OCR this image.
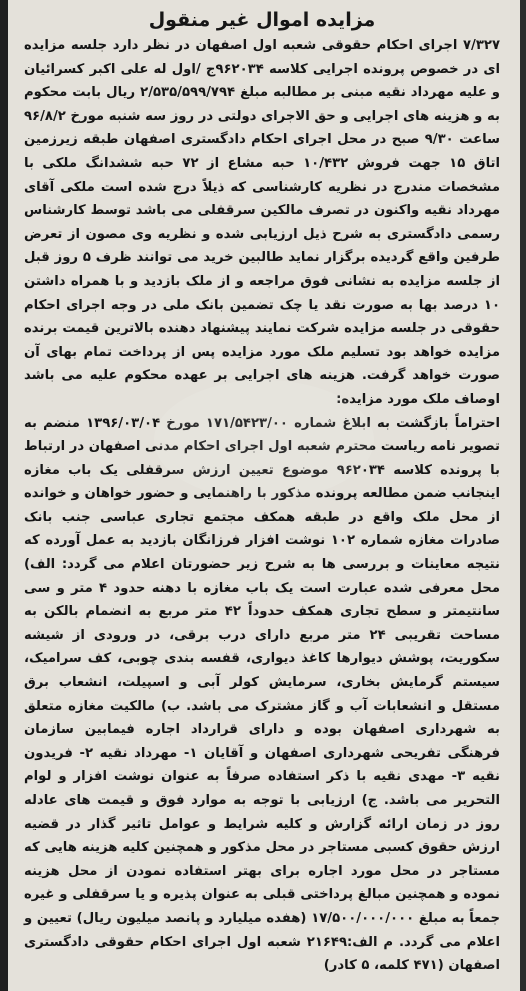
مزایده اموال غیر منقول

۷/۳۲۷ اجرای احکام حقوقی شعبه اول اصفهان در نظر دارد جلسه مزایده ای در خصوص پرونده اجرایی کلاسه ۹۶۲۰۳۴ج /اول له علی اکبر کسرائیان و علیه مهرداد نقیه مبنی بر مطالبه مبلغ ۲/۵۳۵/۵۹۹/۷۹۴ ریال بابت محکوم به و هزینه های اجرایی و حق الاجرای دولتی در روز سه شنبه مورخ ۹۶/۸/۲ ساعت ۹/۳۰ صبح در محل اجرای احکام دادگستری اصفهان طبقه زیرزمین اتاق ۱۵ جهت فروش ۱۰/۴۳۲ حبه مشاع از ۷۲ حبه ششدانگ ملکی با مشخصات مندرج در نظریه کارشناسی که ذیلاً درج شده است ملکی آقای مهرداد نقیه واکنون در تصرف مالکین سرقفلی می باشد توسط کارشناس رسمی دادگستری به شرح ذیل ارزیابی شده و نظریه وی مصون از تعرض طرفین واقع گردیده برگزار نماید طالبین خرید می توانند ظرف ۵ روز قبل از جلسه مزایده به نشانی فوق مراجعه و از ملک بازدید و با همراه داشتن ۱۰ درصد بها به صورت نقد یا چک تضمین بانک ملی در وجه اجرای احکام حقوقی در جلسه مزایده شرکت نمایند پیشنهاد دهنده بالاترین قیمت برنده مزایده خواهد بود تسلیم ملک مورد مزایده پس از پرداخت تمام بهای آن صورت خواهد گرفت. هزینه های اجرایی بر عهده محکوم علیه می باشد اوصاف ملک مورد مزایده:

احتراماً بازگشت به ابلاغ شماره ۱۷۱/۵۴۲۳/۰۰ مورخ ۱۳۹۶/۰۳/۰۴ منضم به تصویر نامه ریاست محترم شعبه اول اجرای احکام مدنی اصفهان در ارتباط با پرونده کلاسه ۹۶۲۰۳۴ موضوع تعیین ارزش سرقفلی یک باب مغازه اینجانب ضمن مطالعه پرونده مذکور با راهنمایی و حضور خواهان و خوانده از محل ملک واقع در طبقه همکف مجتمع تجاری عباسی جنب بانک صادرات مغازه شماره ۱۰۲ نوشت افزار فرزانگان بازدید به عمل آورده که نتیجه معاینات و بررسی ها به شرح زیر حضورتان اعلام می گردد: الف) محل معرفی شده عبارت است یک باب مغازه با دهنه حدود ۴ متر و سی سانتیمتر و سطح تجاری همکف حدوداً ۴۲ متر مربع به انضمام بالکن به مساحت تقریبی ۲۴ متر مربع دارای درب برقی، در ورودی از شیشه سکوریت، پوشش دیوارها کاغذ دیواری، قفسه بندی چوبی، کف سرامیک، سیستم گرمایش بخاری، سرمایش کولر آبی و اسپیلت، انشعاب برق مستقل و انشعابات آب و گاز مشترک می باشد. ب) مالکیت مغازه متعلق به شهرداری اصفهان بوده و دارای قرارداد اجاره فیمابین سازمان فرهنگی تفریحی شهرداری اصفهان و آقایان ۱- مهرداد نقیه ۲- فریدون نقیه ۳- مهدی نقیه با ذکر استفاده صرفاً به عنوان نوشت افزار و لوام التحریر می باشد. ج) ارزیابی با توجه به موارد فوق و قیمت های عادله روز در زمان ارائه گزارش و کلیه شرایط و عوامل تاثیر گذار در قضیه ارزش حقوق کسبی مستاجر در محل مذکور و همچنین کلیه هزینه هایی که مستاجر در محل مورد اجاره برای بهتر استفاده نمودن از محل هزینه نموده و همچنین مبالغ پرداختی قبلی به عنوان پذیره و یا سرقفلی و غیره جمعاً به مبلغ ۱۷/۵۰۰/۰۰۰/۰۰۰ (هفده میلیارد و پانصد میلیون ریال) تعیین و اعلام می گردد. م الف:۲۱۶۴۹ شعبه اول اجرای احکام حقوقی دادگستری اصفهان (۴۷۱ کلمه، ۵ کادر)
